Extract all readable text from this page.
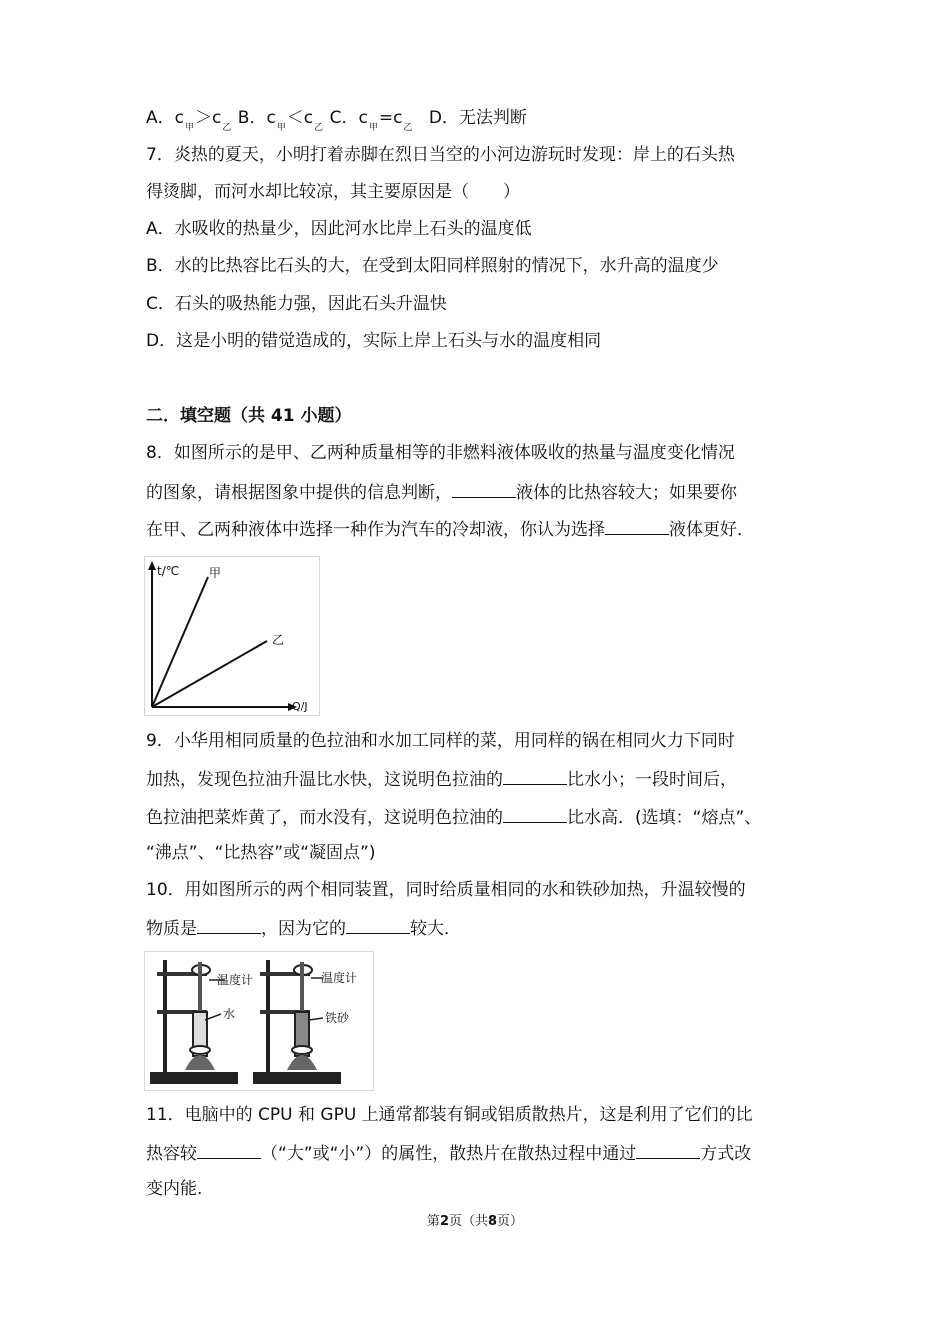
A．$c_甲>c_乙$ B．$c_甲<c_乙$ C．$c_甲=c_乙$ D．无法判断
7．炎热的夏天，小明打着赤脚在烈日当空的小河边游玩时发现：岸上的石头热
得烫脚，而河水却比较凉，其主要原因是（　　）
A．水吸收的热量少，因此河水比岸上石头的温度低
B．水的比热容比石头的大，在受到太阳同样照射的情况下，水升高的温度少
C．石头的吸热能力强，因此石头升温快
D．这是小明的错觉造成的，实际上岸上石头与水的温度相同
二．填空题（共 41 小题）
8．如图所示的是甲、乙两种质量相等的非燃料液体吸收的热量与温度变化情况
的图象，请根据图象中提供的信息判断，	液体的比热容较大；如果要你
在甲、乙两种液体中选择一种作为汽车的冷却液，你认为选择	液体更好．
t/℃ 甲
乙
Q/J
9．小华用相同质量的色拉油和水加工同样的菜，用同样的锅在相同火力下同时
加热，发现色拉油升温比水快，这说明色拉油的	比水小；一段时间后，
色拉油把菜炸黄了，而水没有，这说明色拉油的	比水高．(选填：“熔点”、
“沸点”、“比热容”或“凝固点”)
10．用如图所示的两个相同装置，同时给质量相同的水和铁砂加热，升温较慢的
物质是	，因为它的	较大．
温度计
水
温度计
铁砂
11．电脑中的 CPU 和 GPU 上通常都装有铜或铝质散热片，这是利用了它们的比
热容较	（“大”或“小”）的属性，散热片在散热过程中通过	方式改
变内能.
第2页（共8页）
